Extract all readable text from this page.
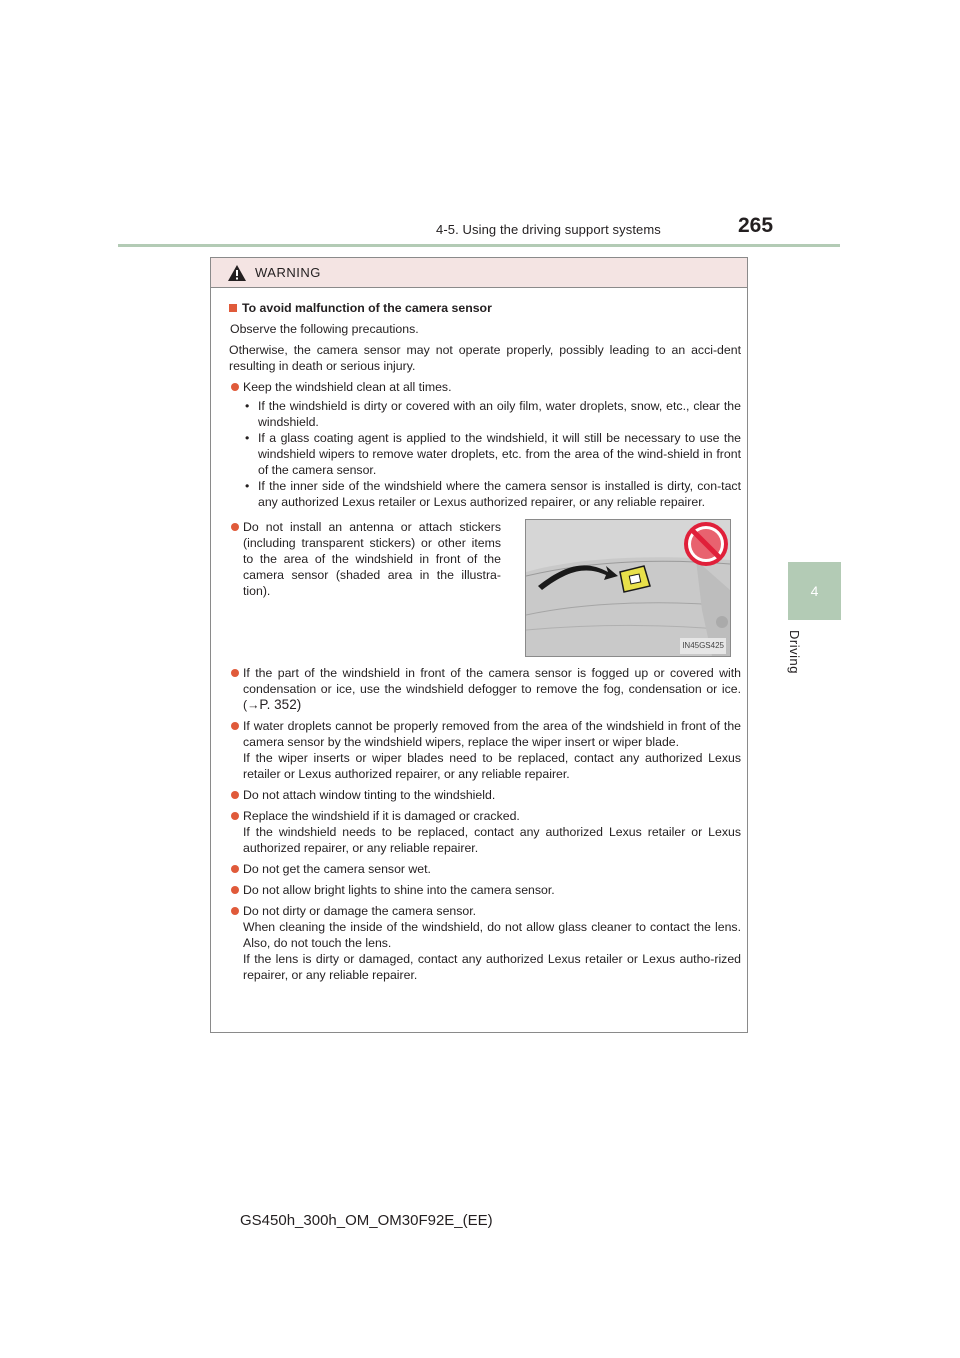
4-5. Using the driving support systems	265
4
Driving
WARNING
To avoid malfunction of the camera sensor
Observe the following precautions.
Otherwise, the camera sensor may not operate properly, possibly leading to an acci-dent resulting in death or serious injury.
Keep the windshield clean at all times.
• If the windshield is dirty or covered with an oily film, water droplets, snow, etc., clear the windshield.
• If a glass coating agent is applied to the windshield, it will still be necessary to use the windshield wipers to remove water droplets, etc. from the area of the wind-shield in front of the camera sensor.
• If the inner side of the windshield where the camera sensor is installed is dirty, con-tact any authorized Lexus retailer or Lexus authorized repairer, or any reliable repairer.
Do not install an antenna or attach stickers (including transparent stickers) or other items to the area of the windshield in front of the camera sensor (shaded area in the illustra-tion).
IN45GS425
If the part of the windshield in front of the camera sensor is fogged up or covered with condensation or ice, use the windshield defogger to remove the fog, condensation or ice. (→P. 352)
If water droplets cannot be properly removed from the area of the windshield in front of the camera sensor by the windshield wipers, replace the wiper insert or wiper blade.
If the wiper inserts or wiper blades need to be replaced, contact any authorized Lexus retailer or Lexus authorized repairer, or any reliable repairer.
Do not attach window tinting to the windshield.
Replace the windshield if it is damaged or cracked.
If the windshield needs to be replaced, contact any authorized Lexus retailer or Lexus authorized repairer, or any reliable repairer.
Do not get the camera sensor wet.
Do not allow bright lights to shine into the camera sensor.
Do not dirty or damage the camera sensor.
When cleaning the inside of the windshield, do not allow glass cleaner to contact the lens. Also, do not touch the lens.
If the lens is dirty or damaged, contact any authorized Lexus retailer or Lexus autho-rized repairer, or any reliable repairer.
GS450h_300h_OM_OM30F92E_(EE)
